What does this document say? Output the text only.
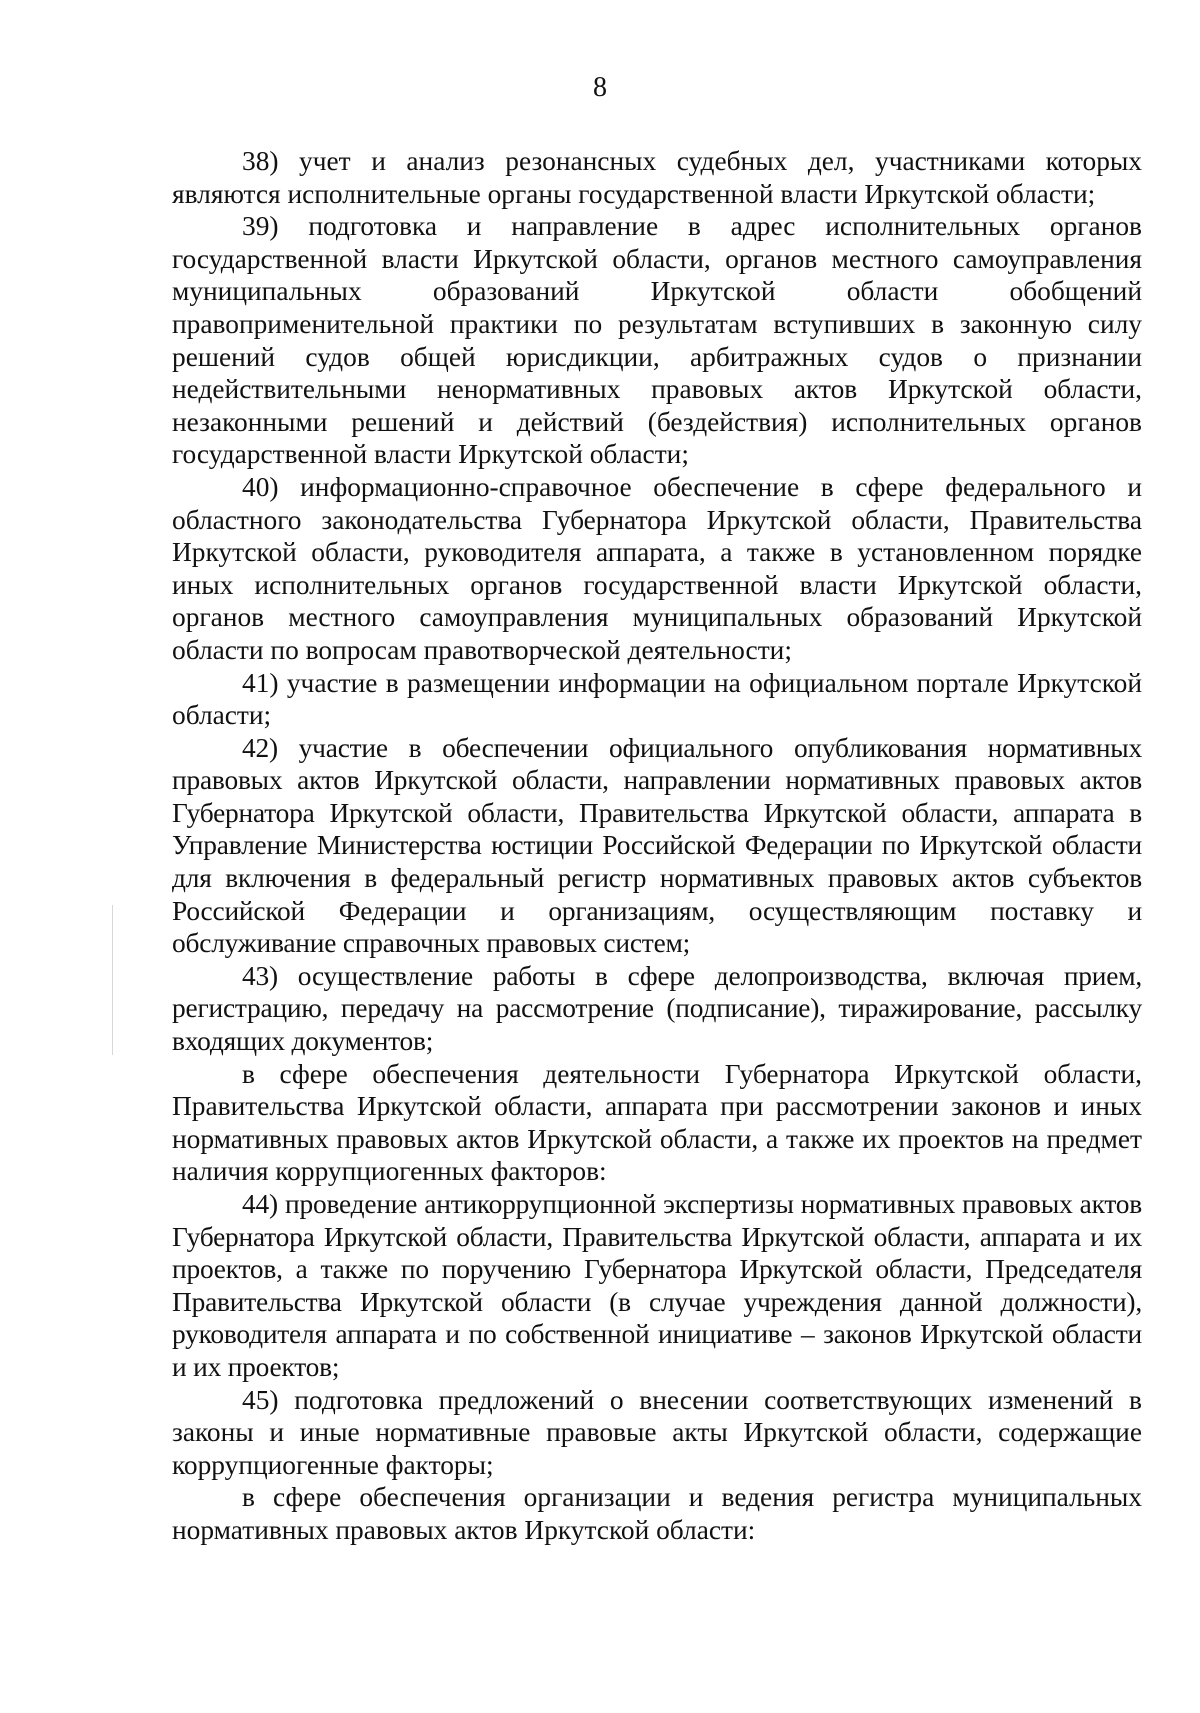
8

38) учет и анализ резонансных судебных дел, участниками которых являются исполнительные органы государственной власти Иркутской области;

39) подготовка и направление в адрес исполнительных органов государственной власти Иркутской области, органов местного самоуправления муниципальных образований Иркутской области обобщений правоприменительной практики по результатам вступивших в законную силу решений судов общей юрисдикции, арбитражных судов о признании недействительными ненормативных правовых актов Иркутской области, незаконными решений и действий (бездействия) исполнительных органов государственной власти Иркутской области;

40) информационно-справочное обеспечение в сфере федерального и областного законодательства Губернатора Иркутской области, Правительства Иркутской области, руководителя аппарата, а также в установленном порядке иных исполнительных органов государственной власти Иркутской области, органов местного самоуправления муниципальных образований Иркутской области по вопросам правотворческой деятельности;

41) участие в размещении информации на официальном портале Иркутской области;

42) участие в обеспечении официального опубликования нормативных правовых актов Иркутской области, направлении нормативных правовых актов Губернатора Иркутской области, Правительства Иркутской области, аппарата в Управление Министерства юстиции Российской Федерации по Иркутской области для включения в федеральный регистр нормативных правовых актов субъектов Российской Федерации и организациям, осуществляющим поставку и обслуживание справочных правовых систем;

43) осуществление работы в сфере делопроизводства, включая прием, регистрацию, передачу на рассмотрение (подписание), тиражирование, рассылку входящих документов;

в сфере обеспечения деятельности Губернатора Иркутской области, Правительства Иркутской области, аппарата при рассмотрении законов и иных нормативных правовых актов Иркутской области, а также их проектов на предмет наличия коррупциогенных факторов:

44) проведение антикоррупционной экспертизы нормативных правовых актов Губернатора Иркутской области, Правительства Иркутской области, аппарата и их проектов, а также по поручению Губернатора Иркутской области, Председателя Правительства Иркутской области (в случае учреждения данной должности), руководителя аппарата и по собственной инициативе – законов Иркутской области и их проектов;

45) подготовка предложений о внесении соответствующих изменений в законы и иные нормативные правовые акты Иркутской области, содержащие коррупциогенные факторы;

в сфере обеспечения организации и ведения регистра муниципальных нормативных правовых актов Иркутской области:
